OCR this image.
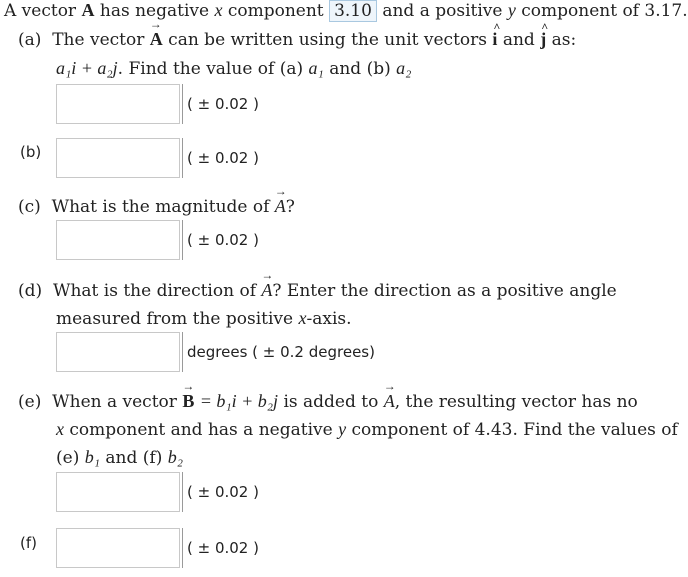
A vector A has negative x component 3.10 and a positive y component of 3.17.
(a) The vector → A can be written using the unit vectors ^ i and ^ j as:
a₁i + a₂j. Find the value of (a) a₁ and (b) a₂
( ± 0.02 )
(b)	( ± 0.02 )
(c) What is the magnitude of → A?
( ± 0.02 )
(d) What is the direction of → A? Enter the direction as a positive angle
measured from the positive x-axis.
degrees ( ± 0.2 degrees)
(e) When a vector → B = b₁i + b₂j is added to → A, the resulting vector has no
x component and has a negative y component of 4.43. Find the values of
(e) b₁ and (f) b₂
( ± 0.02 )
(f)	( ± 0.02 )
